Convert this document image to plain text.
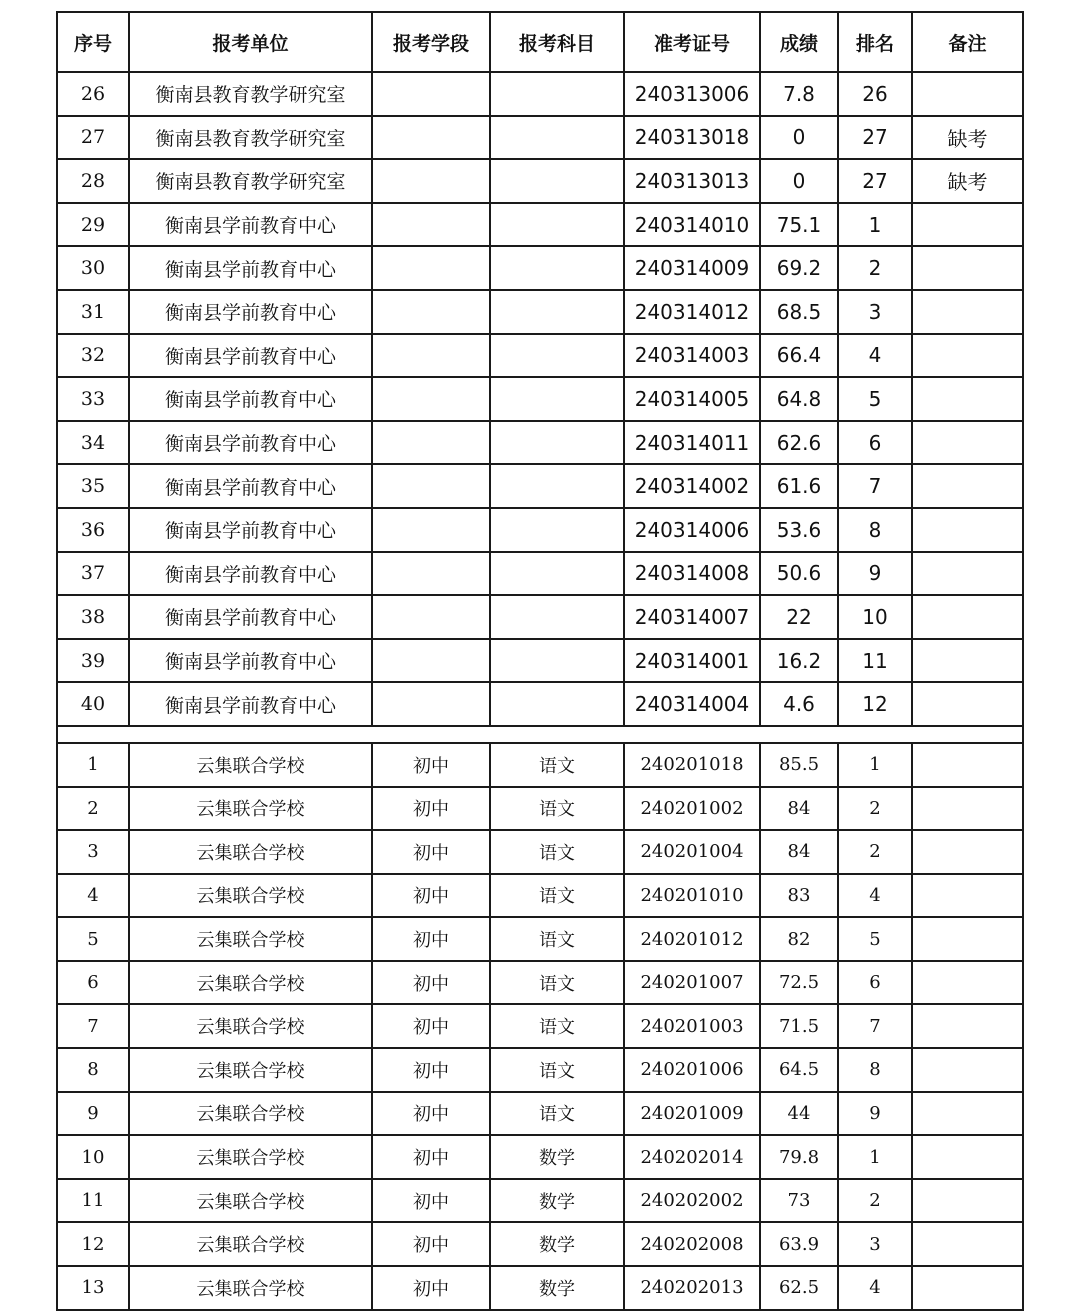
序号	报考单位	报考学段	报考科目	准考证号	成绩	排名	备注
26	衡南县教育教学研究室			240313006	7.8	26	
27	衡南县教育教学研究室			240313018	0	27	缺考
28	衡南县教育教学研究室			240313013	0	27	缺考
29	衡南县学前教育中心			240314010	75.1	1	
30	衡南县学前教育中心			240314009	69.2	2	
31	衡南县学前教育中心			240314012	68.5	3	
32	衡南县学前教育中心			240314003	66.4	4	
33	衡南县学前教育中心			240314005	64.8	5	
34	衡南县学前教育中心			240314011	62.6	6	
35	衡南县学前教育中心			240314002	61.6	7	
36	衡南县学前教育中心			240314006	53.6	8	
37	衡南县学前教育中心			240314008	50.6	9	
38	衡南县学前教育中心			240314007	22	10	
39	衡南县学前教育中心			240314001	16.2	11	
40	衡南县学前教育中心			240314004	4.6	12	

1	云集联合学校	初中	语文	240201018	85.5	1	
2	云集联合学校	初中	语文	240201002	84	2	
3	云集联合学校	初中	语文	240201004	84	2	
4	云集联合学校	初中	语文	240201010	83	4	
5	云集联合学校	初中	语文	240201012	82	5	
6	云集联合学校	初中	语文	240201007	72.5	6	
7	云集联合学校	初中	语文	240201003	71.5	7	
8	云集联合学校	初中	语文	240201006	64.5	8	
9	云集联合学校	初中	语文	240201009	44	9	
10	云集联合学校	初中	数学	240202014	79.8	1	
11	云集联合学校	初中	数学	240202002	73	2	
12	云集联合学校	初中	数学	240202008	63.9	3	
13	云集联合学校	初中	数学	240202013	62.5	4	
